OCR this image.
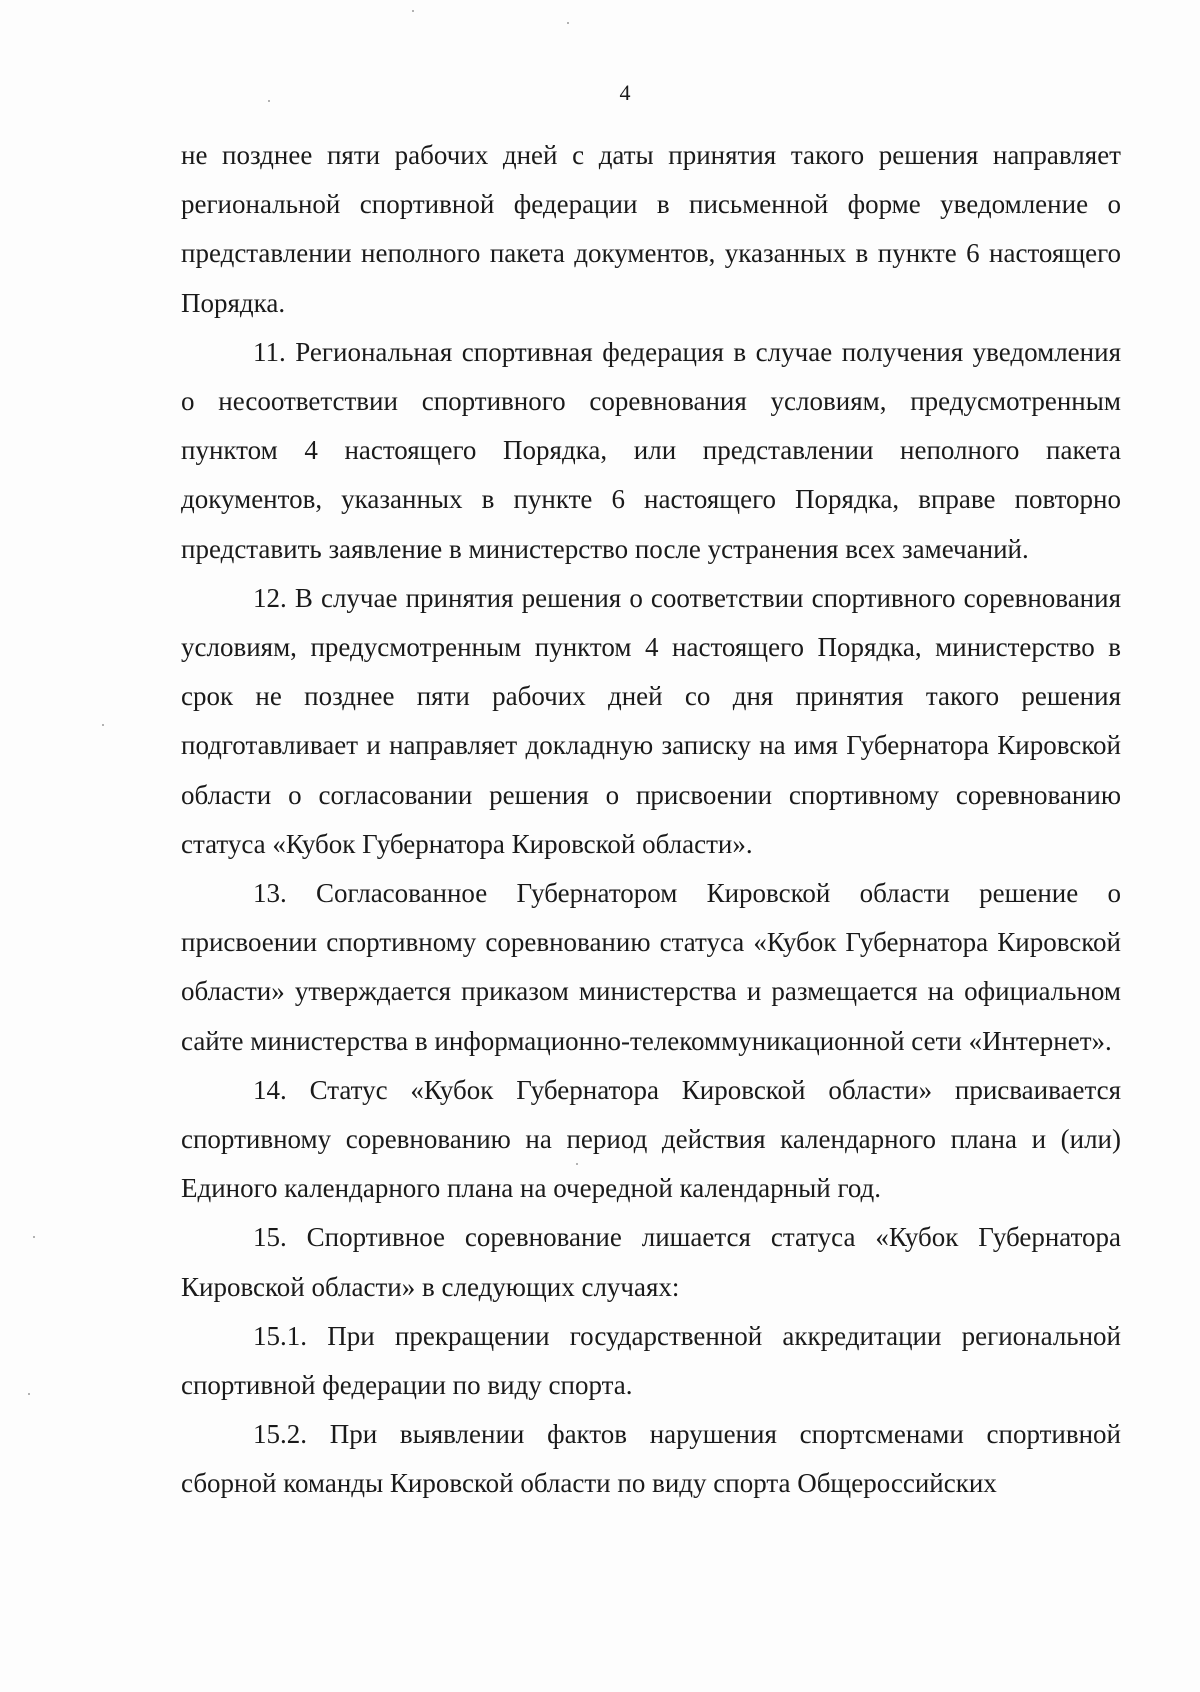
4

не позднее пяти рабочих дней с даты принятия такого решения направляет региональной спортивной федерации в письменной форме уведомление о представлении неполного пакета документов, указанных в пункте 6 настоящего Порядка.

11. Региональная спортивная федерация в случае получения уведомления о несоответствии спортивного соревнования условиям, предусмотренным пунктом 4 настоящего Порядка, или представлении неполного пакета документов, указанных в пункте 6 настоящего Порядка, вправе повторно представить заявление в министерство после устранения всех замечаний.

12. В случае принятия решения о соответствии спортивного соревнования условиям, предусмотренным пунктом 4 настоящего Порядка, министерство в срок не позднее пяти рабочих дней со дня принятия такого решения подготавливает и направляет докладную записку на имя Губернатора Кировской области о согласовании решения о присвоении спортивному соревнованию статуса «Кубок Губернатора Кировской области».

13. Согласованное Губернатором Кировской области решение о присвоении спортивному соревнованию статуса «Кубок Губернатора Кировской области» утверждается приказом министерства и размещается на официальном сайте министерства в информационно-телекоммуникационной сети «Интернет».

14. Статус «Кубок Губернатора Кировской области» присваивается спортивному соревнованию на период действия календарного плана и (или) Единого календарного плана на очередной календарный год.

15. Спортивное соревнование лишается статуса «Кубок Губернатора Кировской области» в следующих случаях:

15.1. При прекращении государственной аккредитации региональной спортивной федерации по виду спорта.

15.2. При выявлении фактов нарушения спортсменами спортивной сборной команды Кировской области по виду спорта Общероссийских
